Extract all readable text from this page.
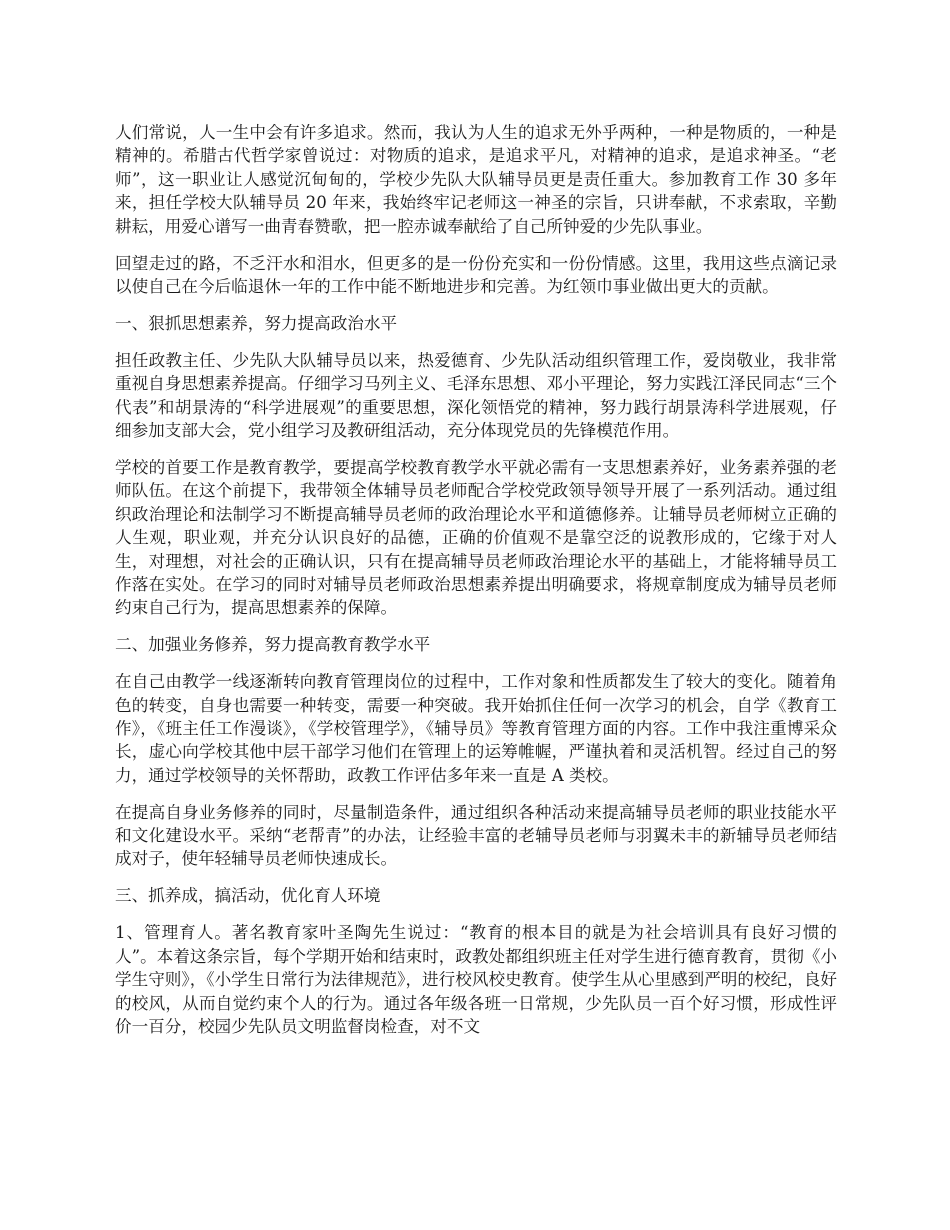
人们常说，人一生中会有许多追求。然而，我认为人生的追求无外乎两种，一种是物质的，一种是精神的。希腊古代哲学家曾说过：对物质的追求，是追求平凡，对精神的追求，是追求神圣。“老师”，这一职业让人感觉沉甸甸的，学校少先队大队辅导员更是责任重大。参加教育工作 30 多年来，担任学校大队辅导员 20 年来，我始终牢记老师这一神圣的宗旨，只讲奉献，不求索取，辛勤耕耘，用爱心谱写一曲青春赞歌，把一腔赤诚奉献给了自己所钟爱的少先队事业。

回望走过的路，不乏汗水和泪水，但更多的是一份份充实和一份份情感。这里，我用这些点滴记录以使自己在今后临退休一年的工作中能不断地进步和完善。为红领巾事业做出更大的贡献。

一、狠抓思想素养，努力提高政治水平

担任政教主任、少先队大队辅导员以来，热爱德育、少先队活动组织管理工作，爱岗敬业，我非常重视自身思想素养提高。仔细学习马列主义、毛泽东思想、邓小平理论，努力实践江泽民同志“三个代表”和胡景涛的“科学进展观”的重要思想，深化领悟党的精神，努力践行胡景涛科学进展观，仔细参加支部大会，党小组学习及教研组活动，充分体现党员的先锋模范作用。

学校的首要工作是教育教学，要提高学校教育教学水平就必需有一支思想素养好，业务素养强的老师队伍。在这个前提下，我带领全体辅导员老师配合学校党政领导领导开展了一系列活动。通过组织政治理论和法制学习不断提高辅导员老师的政治理论水平和道德修养。让辅导员老师树立正确的人生观，职业观，并充分认识良好的品德，正确的价值观不是靠空泛的说教形成的，它缘于对人生，对理想，对社会的正确认识，只有在提高辅导员老师政治理论水平的基础上，才能将辅导员工作落在实处。在学习的同时对辅导员老师政治思想素养提出明确要求，将规章制度成为辅导员老师约束自己行为，提高思想素养的保障。

二、加强业务修养，努力提高教育教学水平

在自己由教学一线逐渐转向教育管理岗位的过程中，工作对象和性质都发生了较大的变化。随着角色的转变，自身也需要一种转变，需要一种突破。我开始抓住任何一次学习的机会，自学《教育工作》，《班主任工作漫谈》，《学校管理学》，《辅导员》等教育管理方面的内容。工作中我注重博采众长，虚心向学校其他中层干部学习他们在管理上的运筹帷幄，严谨执着和灵活机智。经过自己的努力，通过学校领导的关怀帮助，政教工作评估多年来一直是 A 类校。

在提高自身业务修养的同时，尽量制造条件，通过组织各种活动来提高辅导员老师的职业技能水平和文化建设水平。采纳“老帮青”的办法，让经验丰富的老辅导员老师与羽翼未丰的新辅导员老师结成对子，使年轻辅导员老师快速成长。

三、抓养成，搞活动，优化育人环境

1、管理育人。著名教育家叶圣陶先生说过：“教育的根本目的就是为社会培训具有良好习惯的人”。本着这条宗旨，每个学期开始和结束时，政教处都组织班主任对学生进行德育教育，贯彻《小学生守则》，《小学生日常行为法律规范》，进行校风校史教育。使学生从心里感到严明的校纪，良好的校风，从而自觉约束个人的行为。通过各年级各班一日常规，少先队员一百个好习惯，形成性评价一百分，校园少先队员文明监督岗检查，对不文
